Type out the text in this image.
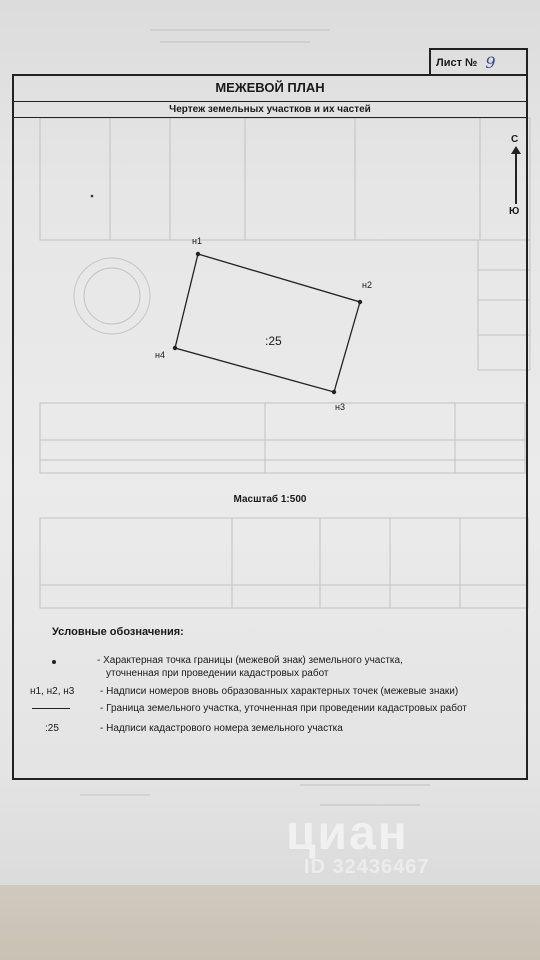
Лист № 9
МЕЖЕВОЙ ПЛАН
Чертеж земельных участков и их частей
С
Ю
н1
н2
н3
н4
:25
Масштаб 1:500
Условные обозначения:
- Характерная точка границы (межевой знак) земельного участка,
уточненная при проведении кадастровых работ
н1, н2, н3	- Надписи номеров вновь образованных характерных точек (межевые знаки)
- Граница земельного участка, уточненная при проведении кадастровых работ
:25	- Надписи кадастрового номера земельного участка
циан
ID 32436467
